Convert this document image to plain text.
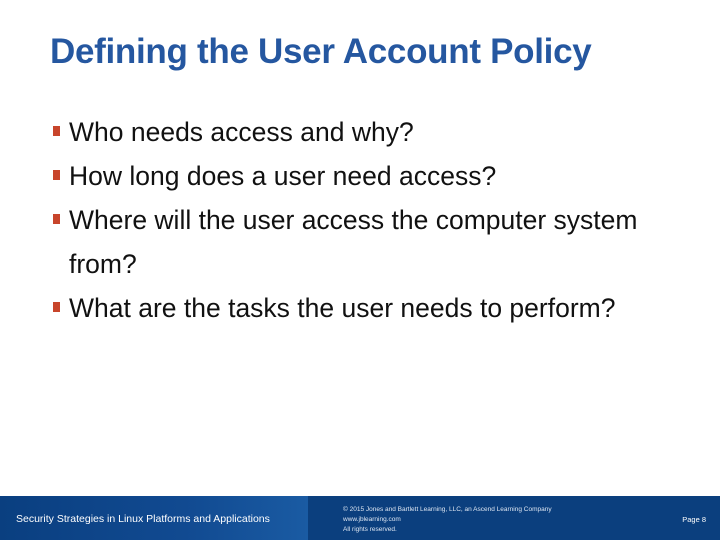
Defining the User Account Policy
Who needs access and why?
How long does a user need access?
Where will the user access the computer system from?
What are the tasks the user needs to perform?
Security Strategies in Linux Platforms and Applications
© 2015 Jones and Bartlett Learning, LLC, an Ascend Learning Company
www.jblearning.com
All rights reserved.
Page 8
